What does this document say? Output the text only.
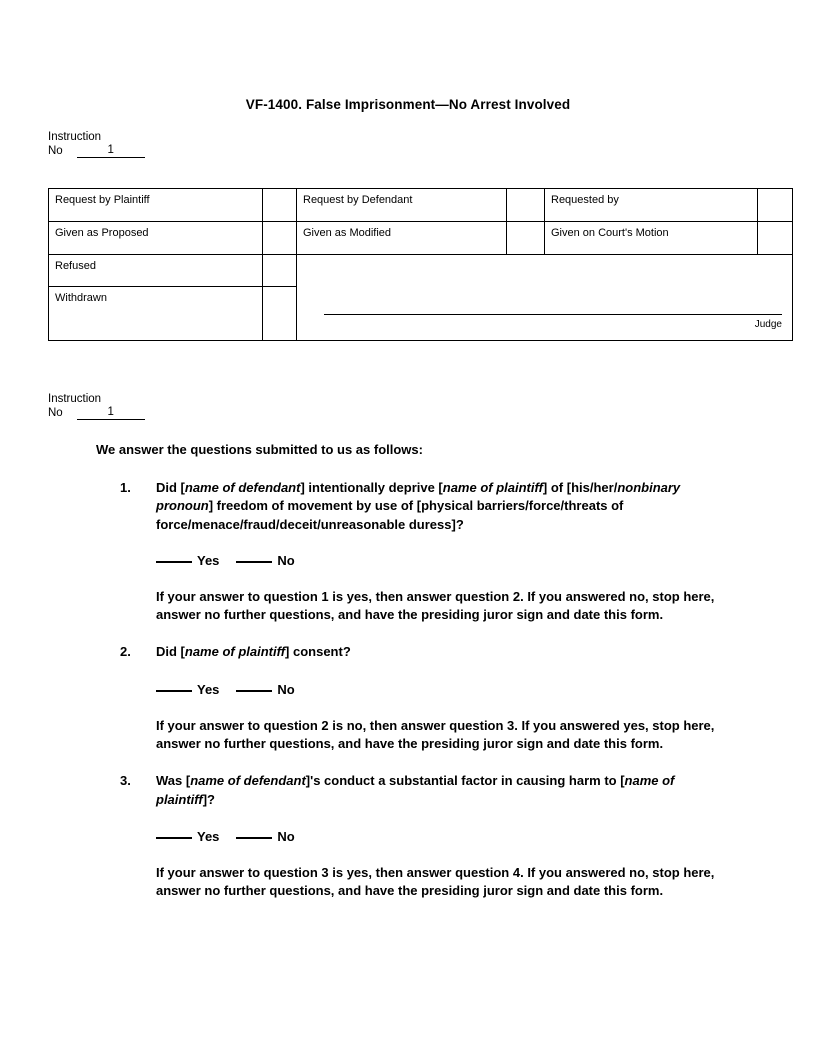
VF-1400. False Imprisonment—No Arrest Involved
Instruction
No	1
Request by Plaintiff		Request by Defendant		Requested by	
Given as Proposed		Given as Modified		Given on Court's Motion	
Refused		Judge			

Withdrawn					
Instruction
No	1
We answer the questions submitted to us as follows:
1.	Did [name of defendant] intentionally deprive [name of plaintiff] of [his/her/nonbinary pronoun] freedom of movement by use of [physical barriers/force/threats of force/menace/fraud/deceit/unreasonable duress]?
Yes	No
If your answer to question 1 is yes, then answer question 2. If you answered no, stop here, answer no further questions, and have the presiding juror sign and date this form.
2.	Did [name of plaintiff] consent?
Yes	No
If your answer to question 2 is no, then answer question 3. If you answered yes, stop here, answer no further questions, and have the presiding juror sign and date this form.
3.	Was [name of defendant]'s conduct a substantial factor in causing harm to [name of plaintiff]?
Yes	No
If your answer to question 3 is yes, then answer question 4. If you answered no, stop here, answer no further questions, and have the presiding juror sign and date this form.
